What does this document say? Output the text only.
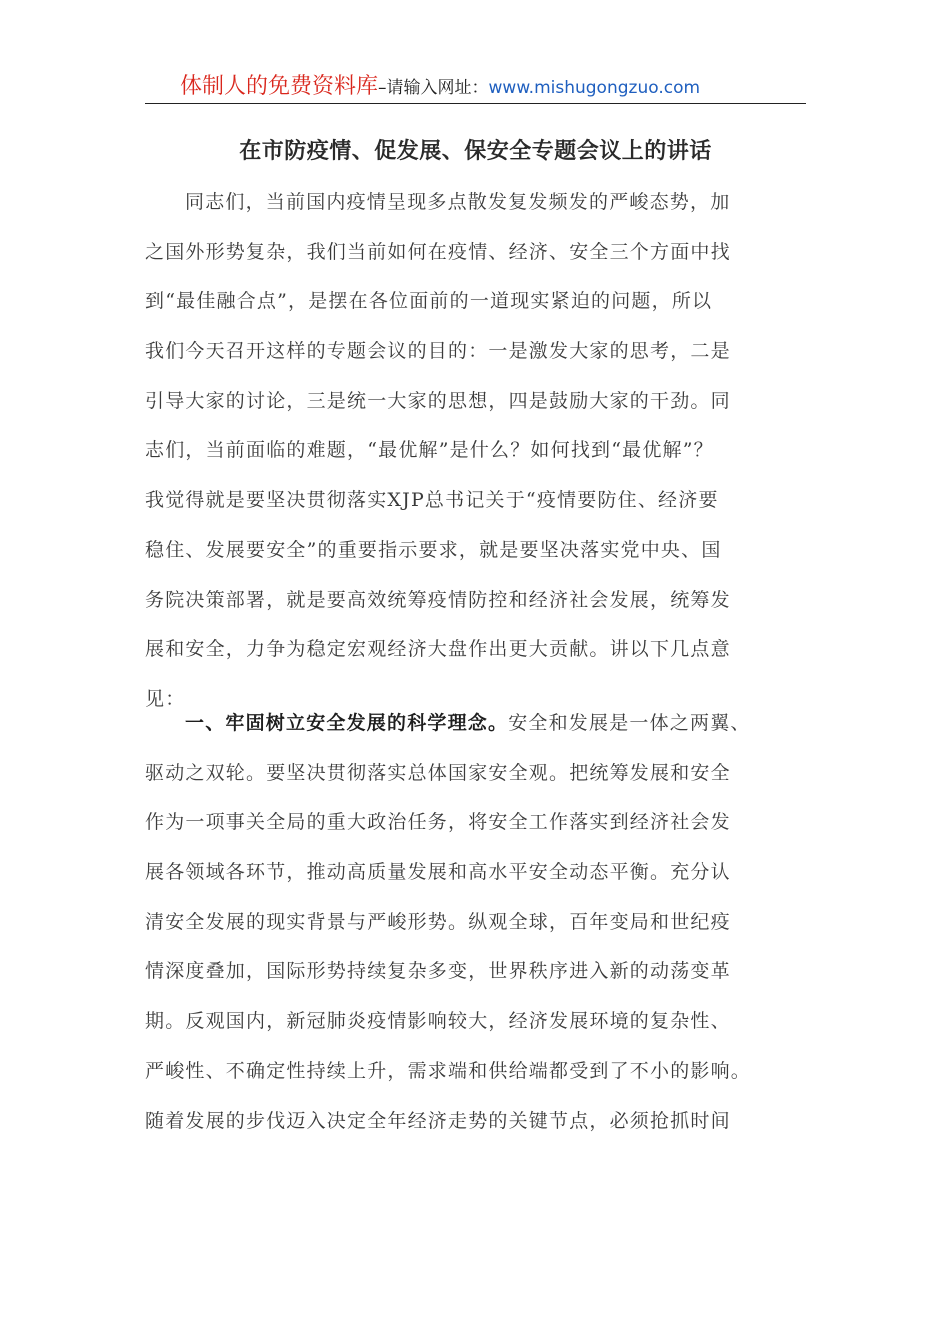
体制人的免费资料库–请输入网址：www.mishugongzuo.com
在市防疫情、促发展、保安全专题会议上的讲话
同志们，当前国内疫情呈现多点散发复发频发的严峻态势，加
之国外形势复杂，我们当前如何在疫情、经济、安全三个方面中找
到“最佳融合点”，是摆在各位面前的一道现实紧迫的问题，所以
我们今天召开这样的专题会议的目的：一是激发大家的思考，二是
引导大家的讨论，三是统一大家的思想，四是鼓励大家的干劲。同
志们，当前面临的难题，“最优解”是什么？如何找到“最优解”？
我觉得就是要坚决贯彻落实XJP总书记关于“疫情要防住、经济要
稳住、发展要安全”的重要指示要求，就是要坚决落实党中央、国
务院决策部署，就是要高效统筹疫情防控和经济社会发展，统筹发
展和安全，力争为稳定宏观经济大盘作出更大贡献。讲以下几点意
见：
一、牢固树立安全发展的科学理念。安全和发展是一体之两翼、
驱动之双轮。要坚决贯彻落实总体国家安全观。把统筹发展和安全
作为一项事关全局的重大政治任务，将安全工作落实到经济社会发
展各领域各环节，推动高质量发展和高水平安全动态平衡。充分认
清安全发展的现实背景与严峻形势。纵观全球，百年变局和世纪疫
情深度叠加，国际形势持续复杂多变，世界秩序进入新的动荡变革
期。反观国内，新冠肺炎疫情影响较大，经济发展环境的复杂性、
严峻性、不确定性持续上升，需求端和供给端都受到了不小的影响。
随着发展的步伐迈入决定全年经济走势的关键节点，必须抢抓时间
